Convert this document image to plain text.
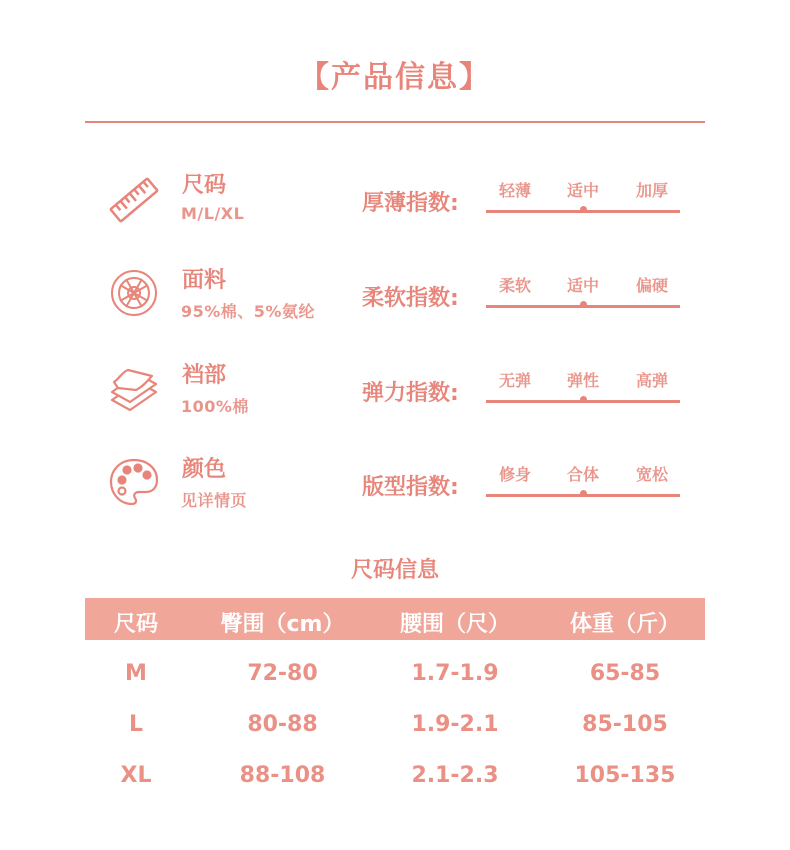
【产品信息】
尺码
M/L/XL	厚薄指数:
轻薄	适中	加厚
面料
95%棉、5%氨纶
柔软指数:
柔软	适中	偏硬
裆部
100%棉
弹力指数:
无弹	弹性	高弹
颜色
见详情页
版型指数:
修身	合体	宽松
尺码信息
尺码	臀围（cm）	腰围（尺）	体重（斤）
M	72-80	1.7-1.9	65-85
L	80-88	1.9-2.1	85-105
XL	88-108	2.1-2.3	105-135
